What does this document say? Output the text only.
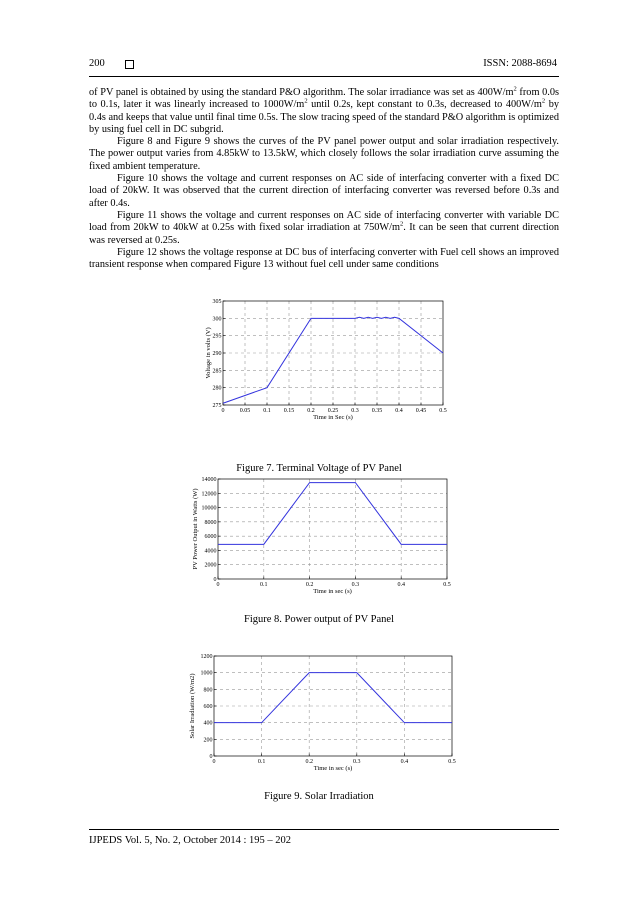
200	ISSN: 2088-8694

of PV panel is obtained by using the standard P&O algorithm. The solar irradiance was set as $400W/m^2$ from 0.0s to 0.1s, later it was linearly increased to $1000W/m^2$ until 0.2s, kept constant to 0.3s, decreased to $400W/m^2$ by 0.4s and keeps that value until final time 0.5s. The slow tracing speed of the standard P&O algorithm is optimized by using fuel cell in DC subgrid.

Figure 8 and Figure 9 shows the curves of the PV panel power output and solar irradiation respectively. The power output varies from 4.85kW to 13.5kW, which closely follows the solar irradiation curve assuming the fixed ambient temperature.

Figure 10 shows the voltage and current responses on AC side of interfacing converter with a fixed DC load of 20kW. It was observed that the current direction of interfacing converter was reversed before 0.3s and after 0.4s.

Figure 11 shows the voltage and current responses on AC side of interfacing converter with variable DC load from 20kW to 40kW at 0.25s with fixed solar irradiation at $750W/m^2$. It can be seen that current direction was reversed at 0.25s.

Figure 12 shows the voltage response at DC bus of interfacing converter with Fuel cell shows an improved transient response when compared Figure 13 without fuel cell under same conditions

0	0.05 0.1 0.15 0.2 0.25 0.3 0.35 0.4 0.45 0.5
275
280
285
290
295
300
305
Time in Sec (s)
Voltage in volts (V)
Figure 7. Terminal Voltage of PV Panel
0	0.1	0.2	0.3	0.4	0.5
0
2000
4000
6000
8000
10000
12000
14000
Time in sec (s)
PV Power Output in Watts (W)
Figure 8. Power output of PV Panel
0	0.1	0.2	0.3	0.4	0.5
0
200
400
600
800
1000
1200
Time in sec (s)
Solar Irradiation (W/m2)
Figure 9. Solar Irradiation
IJPEDS Vol. 5, No. 2, October 2014 : 195 – 202
